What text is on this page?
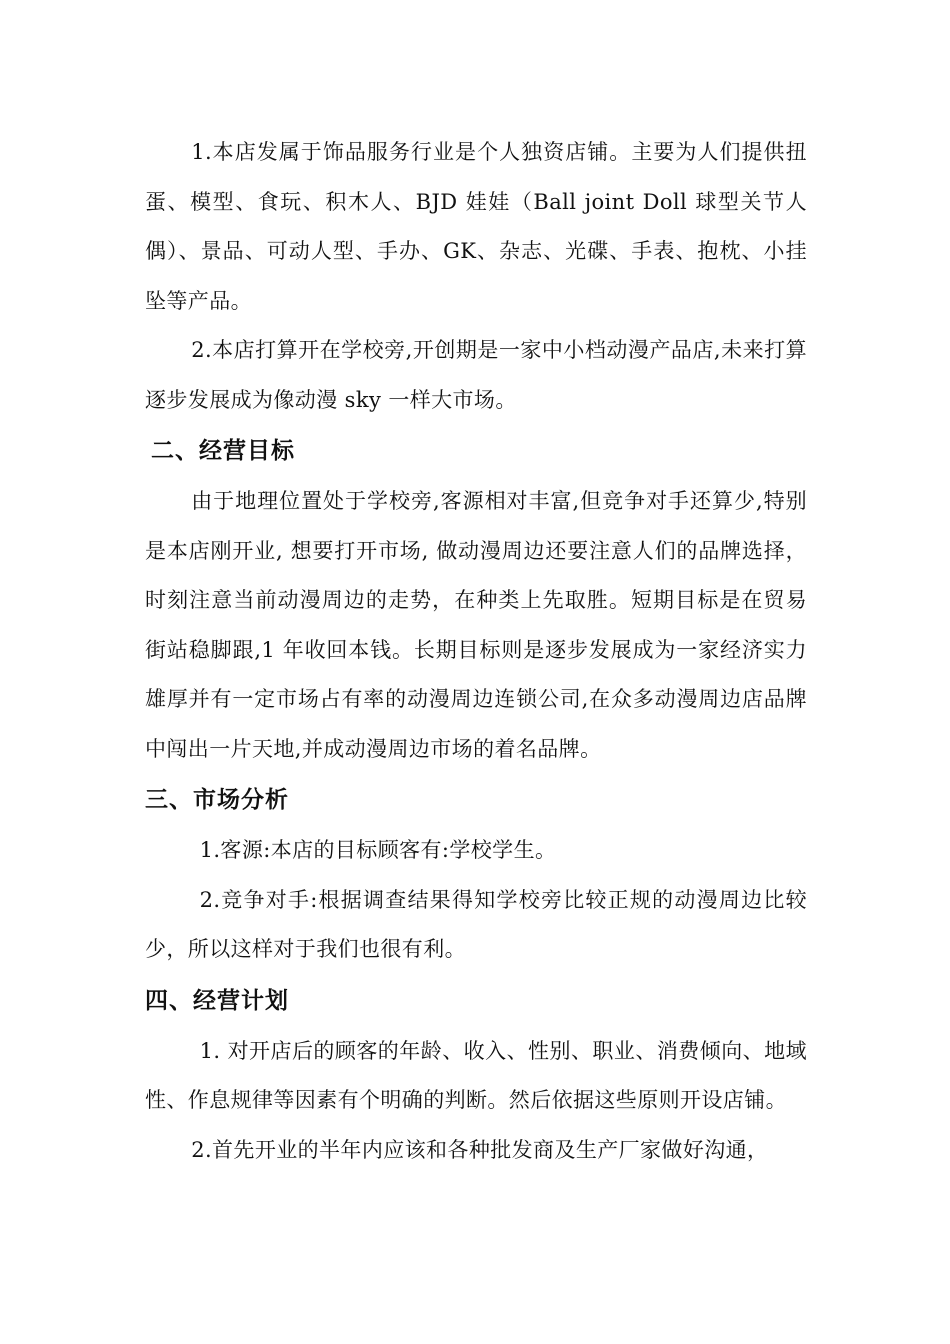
1.本店发属于饰品服务行业是个人独资店铺。主要为人们提供扭蛋、模型、食玩、积木人、BJD 娃娃（Ball joint Doll 球型关节人偶）、景品、可动人型、手办、GK、杂志、光碟、手表、抱枕、小挂坠等产品。

2.本店打算开在学校旁,开创期是一家中小档动漫产品店,未来打算逐步发展成为像动漫 sky 一样大市场。

二、经营目标

由于地理位置处于学校旁,客源相对丰富,但竞争对手还算少,特别是本店刚开业, 想要打开市场, 做动漫周边还要注意人们的品牌选择，时刻注意当前动漫周边的走势，在种类上先取胜。短期目标是在贸易街站稳脚跟,1 年收回本钱。长期目标则是逐步发展成为一家经济实力雄厚并有一定市场占有率的动漫周边连锁公司,在众多动漫周边店品牌中闯出一片天地,并成动漫周边市场的着名品牌。

三、市场分析

1.客源:本店的目标顾客有:学校学生。

2.竞争对手:根据调查结果得知学校旁比较正规的动漫周边比较少，所以这样对于我们也很有利。

四、经营计划

1. 对开店后的顾客的年龄、收入、性别、职业、消费倾向、地域性、作息规律等因素有个明确的判断。然后依据这些原则开设店铺。

2.首先开业的半年内应该和各种批发商及生产厂家做好沟通，
